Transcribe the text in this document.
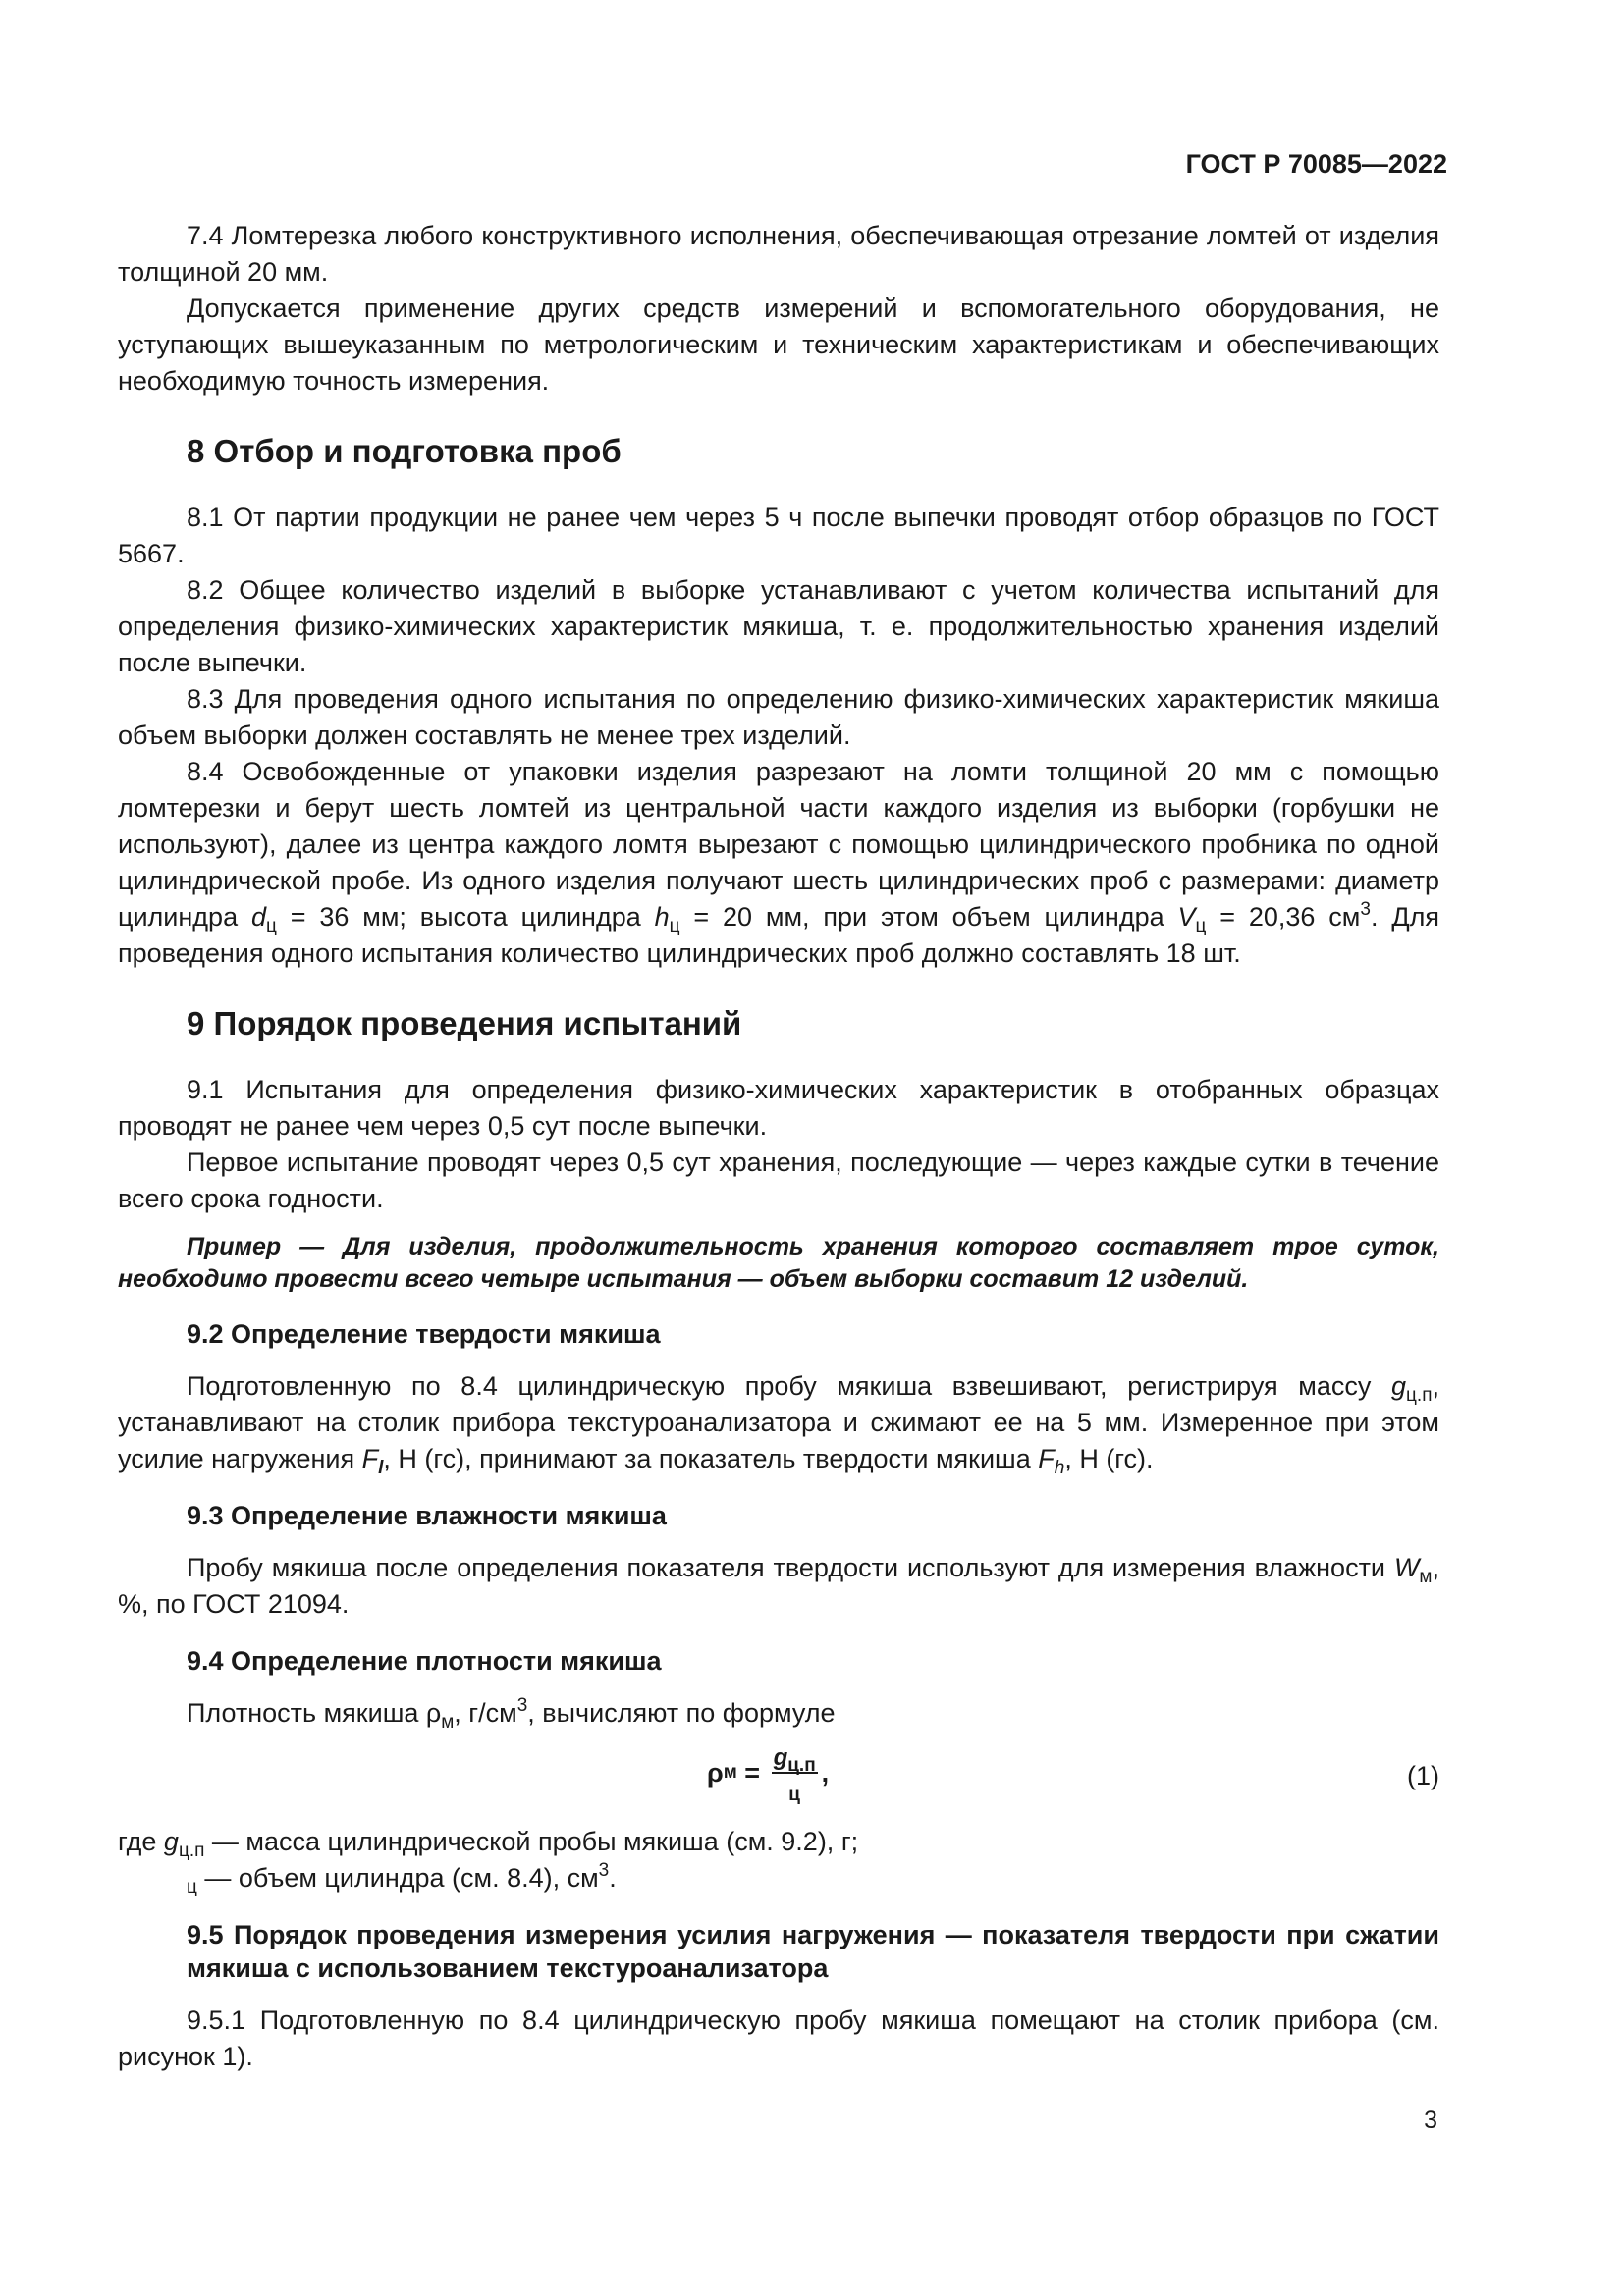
ГОСТ Р 70085—2022

7.4 Ломтерезка любого конструктивного исполнения, обеспечивающая отрезание ломтей от изделия толщиной 20 мм.

Допускается применение других средств измерений и вспомогательного оборудования, не уступающих вышеуказанным по метрологическим и техническим характеристикам и обеспечивающих необходимую точность измерения.

8 Отбор и подготовка проб

8.1 От партии продукции не ранее чем через 5 ч после выпечки проводят отбор образцов по ГОСТ 5667.

8.2 Общее количество изделий в выборке устанавливают с учетом количества испытаний для определения физико-химических характеристик мякиша, т. е. продолжительностью хранения изделий после выпечки.

8.3 Для проведения одного испытания по определению физико-химических характеристик мякиша объем выборки должен составлять не менее трех изделий.

8.4 Освобожденные от упаковки изделия разрезают на ломти толщиной 20 мм с помощью ломтерезки и берут шесть ломтей из центральной части каждого изделия из выборки (горбушки не используют), далее из центра каждого ломтя вырезают с помощью цилиндрического пробника по одной цилиндрической пробе. Из одного изделия получают шесть цилиндрических проб с размерами: диаметр цилиндра $d_ц = 36$ мм; высота цилиндра $h_ц = 20$ мм, при этом объем цилиндра $V_ц = 20,36$ $см^3$. Для проведения одного испытания количество цилиндрических проб должно составлять 18 шт.

9 Порядок проведения испытаний

9.1 Испытания для определения физико-химических характеристик в отобранных образцах проводят не ранее чем через 0,5 сут после выпечки.

Первое испытание проводят через 0,5 сут хранения, последующие — через каждые сутки в течение всего срока годности.

Пример — Для изделия, продолжительность хранения которого составляет трое суток, необходимо провести всего четыре испытания — объем выборки составит 12 изделий.

9.2 Определение твердости мякиша

Подготовленную по 8.4 цилиндрическую пробу мякиша взвешивают, регистрируя массу $g_{ц.п}$, устанавливают на столик прибора текстуроанализатора и сжимают ее на 5 мм. Измеренное при этом усилие нагружения $F_l$, Н (гс), принимают за показатель твердости мякиша $F_h$, Н (гс).

9.3 Определение влажности мякиша

Пробу мякиша после определения показателя твердости используют для измерения влажности $W_м$, %, по ГОСТ 21094.

9.4 Определение плотности мякиша

Плотность мякиша $\rho_м$, $г/см^3$, вычисляют по формуле

ρ $м = \frac{g_{ц.п}}{_ц}$ ,	(1)
где $g_{ц.п}$ — масса цилиндрической пробы мякиша (см. 9.2), г;
$_ц$ — объем цилиндра (см. 8.4), $см^3$.
9.5 Порядок проведения измерения усилия нагружения — показателя твердости при сжатии мякиша с использованием текстуроанализатора

9.5.1 Подготовленную по 8.4 цилиндрическую пробу мякиша помещают на столик прибора (см. рисунок 1).

3
